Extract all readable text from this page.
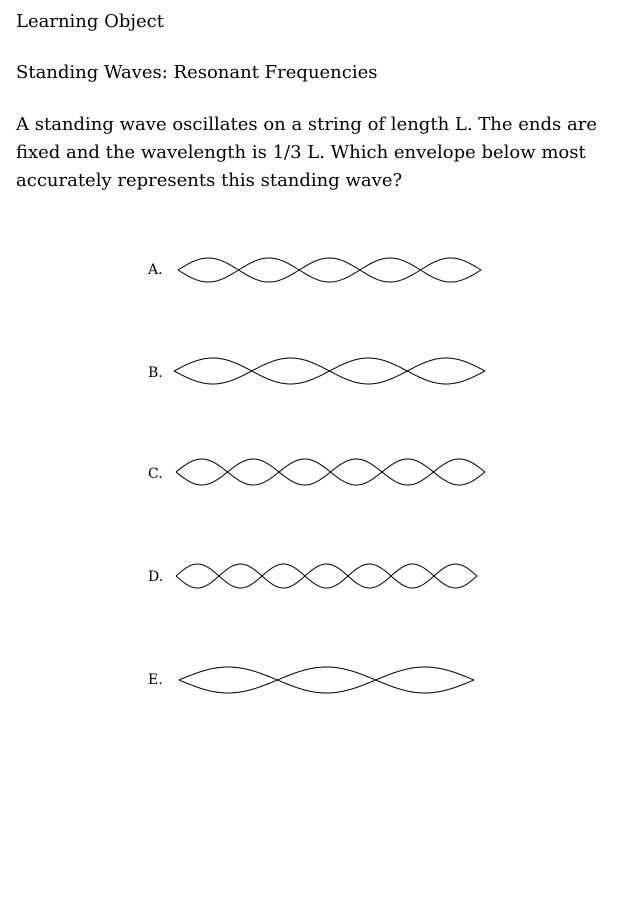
Learning Object
Standing Waves: Resonant Frequencies

A standing wave oscillates on a string of length L. The ends are fixed and the wavelength is 1/3 L. Which envelope below most accurately represents this standing wave?

A.
B.
C.
D.
E.
